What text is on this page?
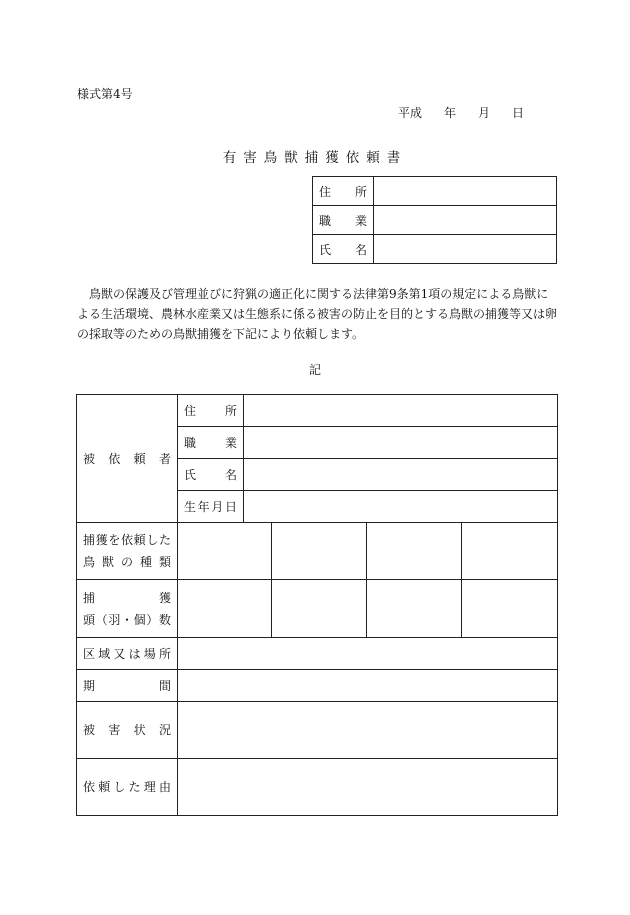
様式第4号
平成 年 月 日
有害鳥獣捕獲依頼書
住　所	
職　業	
氏　名	
鳥獣の保護及び管理並びに狩猟の適正化に関する法律第9条第1項の規定による鳥獣による生活環境、農林水産業又は生態系に係る被害の防止を目的とする鳥獣の捕獲等又は卵の採取等のための鳥獣捕獲を下記により依頼します。
記
被依頼者	住所				
	職業				
	氏名				
	生年月日				

捕獲を依頼した
鳥獣の種類					

捕獲
頭（羽・個）数					

区域又は場所					
期間					
被害状況					
依頼した理由					
